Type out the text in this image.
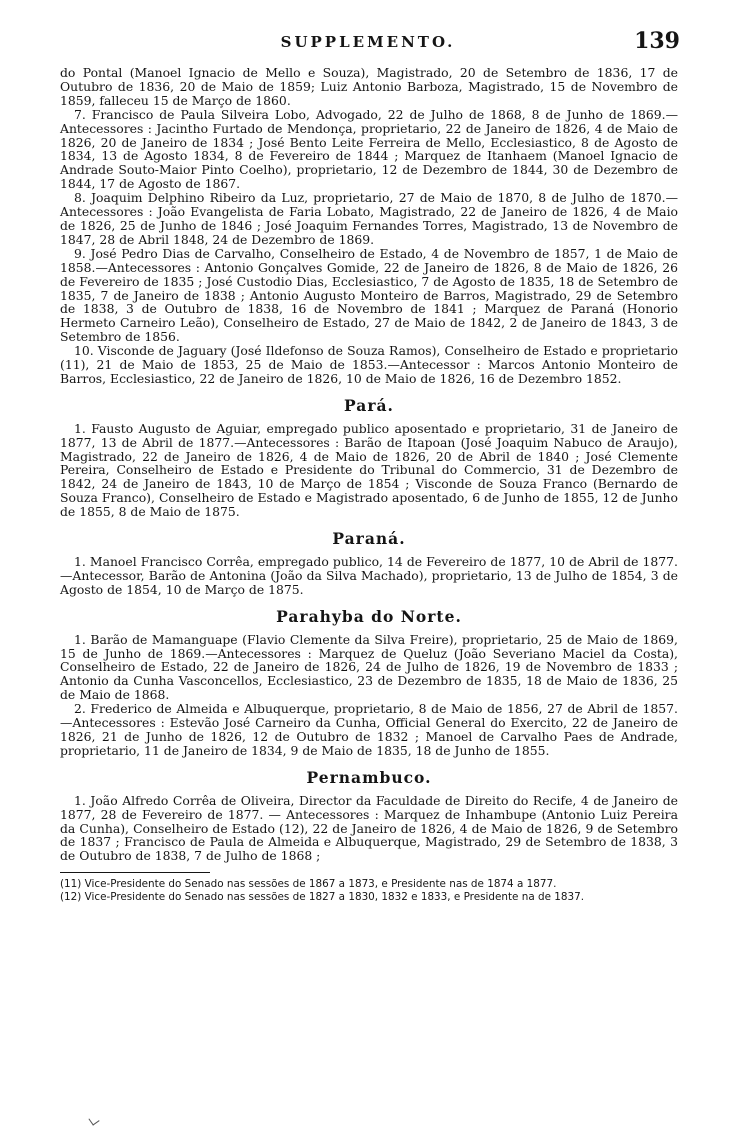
SUPPLEMENTO.	139

do Pontal (Manoel Ignacio de Mello e Souza), Magistrado, 20 de Setembro de 1836, 17 de Outubro de 1836, 20 de Maio de 1859; Luiz Antonio Barboza, Magistrado, 15 de Novembro de 1859, falleceu 15 de Março de 1860.

7. Francisco de Paula Silveira Lobo, Advogado, 22 de Julho de 1868, 8 de Junho de 1869.—Antecessores : Jacintho Furtado de Mendonça, proprietario, 22 de Janeiro de 1826, 4 de Maio de 1826, 20 de Janeiro de 1834 ; José Bento Leite Ferreira de Mello, Ecclesiastico, 8 de Agosto de 1834, 13 de Agosto 1834, 8 de Fevereiro de 1844 ; Marquez de Itanhaem (Manoel Ignacio de Andrade Souto-Maior Pinto Coelho), proprietario, 12 de Dezembro de 1844, 30 de Dezembro de 1844, 17 de Agosto de 1867.

8. Joaquim Delphino Ribeiro da Luz, proprietario, 27 de Maio de 1870, 8 de Julho de 1870.—Antecessores : João Evangelista de Faria Lobato, Magistrado, 22 de Janeiro de 1826, 4 de Maio de 1826, 25 de Junho de 1846 ; José Joaquim Fernandes Torres, Magistrado, 13 de Novembro de 1847, 28 de Abril 1848, 24 de Dezembro de 1869.

9. José Pedro Dias de Carvalho, Conselheiro de Estado, 4 de Novembro de 1857, 1 de Maio de 1858.—Antecessores : Antonio Gonçalves Gomide, 22 de Janeiro de 1826, 8 de Maio de 1826, 26 de Fevereiro de 1835 ; José Custodio Dias, Ecclesiastico, 7 de Agosto de 1835, 18 de Setembro de 1835, 7 de Janeiro de 1838 ; Antonio Augusto Monteiro de Barros, Magistrado, 29 de Setembro de 1838, 3 de Outubro de 1838, 16 de Novembro de 1841 ; Marquez de Paraná (Honorio Hermeto Carneiro Leão), Conselheiro de Estado, 27 de Maio de 1842, 2 de Janeiro de 1843, 3 de Setembro de 1856.

10. Visconde de Jaguary (José Ildefonso de Souza Ramos), Conselheiro de Estado e proprietario (11), 21 de Maio de 1853, 25 de Maio de 1853.—Antecessor : Marcos Antonio Monteiro de Barros, Ecclesiastico, 22 de Janeiro de 1826, 10 de Maio de 1826, 16 de Dezembro 1852.

Pará.

1. Fausto Augusto de Aguiar, empregado publico aposentado e proprietario, 31 de Janeiro de 1877, 13 de Abril de 1877.—Antecessores : Barão de Itapoan (José Joaquim Nabuco de Araujo), Magistrado, 22 de Janeiro de 1826, 4 de Maio de 1826, 20 de Abril de 1840 ; José Clemente Pereira, Conselheiro de Estado e Presidente do Tribunal do Commercio, 31 de Dezembro de 1842, 24 de Janeiro de 1843, 10 de Março de 1854 ; Visconde de Souza Franco (Bernardo de Souza Franco), Conselheiro de Estado e Magistrado aposentado, 6 de Junho de 1855, 12 de Junho de 1855, 8 de Maio de 1875.

Paraná.

1. Manoel Francisco Corrêa, empregado publico, 14 de Fevereiro de 1877, 10 de Abril de 1877.—Antecessor, Barão de Antonina (João da Silva Machado), proprietario, 13 de Julho de 1854, 3 de Agosto de 1854, 10 de Março de 1875.

Parahyba do Norte.

1. Barão de Mamanguape (Flavio Clemente da Silva Freire), proprietario, 25 de Maio de 1869, 15 de Junho de 1869.—Antecessores : Marquez de Queluz (João Severiano Maciel da Costa), Conselheiro de Estado, 22 de Janeiro de 1826, 24 de Julho de 1826, 19 de Novembro de 1833 ; Antonio da Cunha Vasconcellos, Ecclesiastico, 23 de Dezembro de 1835, 18 de Maio de 1836, 25 de Maio de 1868.

2. Frederico de Almeida e Albuquerque, proprietario, 8 de Maio de 1856, 27 de Abril de 1857.—Antecessores : Estevão José Carneiro da Cunha, Official General do Exercito, 22 de Janeiro de 1826, 21 de Junho de 1826, 12 de Outubro de 1832 ; Manoel de Carvalho Paes de Andrade, proprietario, 11 de Janeiro de 1834, 9 de Maio de 1835, 18 de Junho de 1855.

Pernambuco.

1. João Alfredo Corrêa de Oliveira, Director da Faculdade de Direito do Recife, 4 de Janeiro de 1877, 28 de Fevereiro de 1877. — Antecessores : Marquez de Inhambupe (Antonio Luiz Pereira da Cunha), Conselheiro de Estado (12), 22 de Janeiro de 1826, 4 de Maio de 1826, 9 de Setembro de 1837 ; Francisco de Paula de Almeida e Albuquerque, Magistrado, 29 de Setembro de 1838, 3 de Outubro de 1838, 7 de Julho de 1868 ;

(11) Vice-Presidente do Senado nas sessões de 1867 a 1873, e Presidente nas de 1874 a 1877.

(12) Vice-Presidente do Senado nas sessões de 1827 a 1830, 1832 e 1833, e Presidente na de 1837.
